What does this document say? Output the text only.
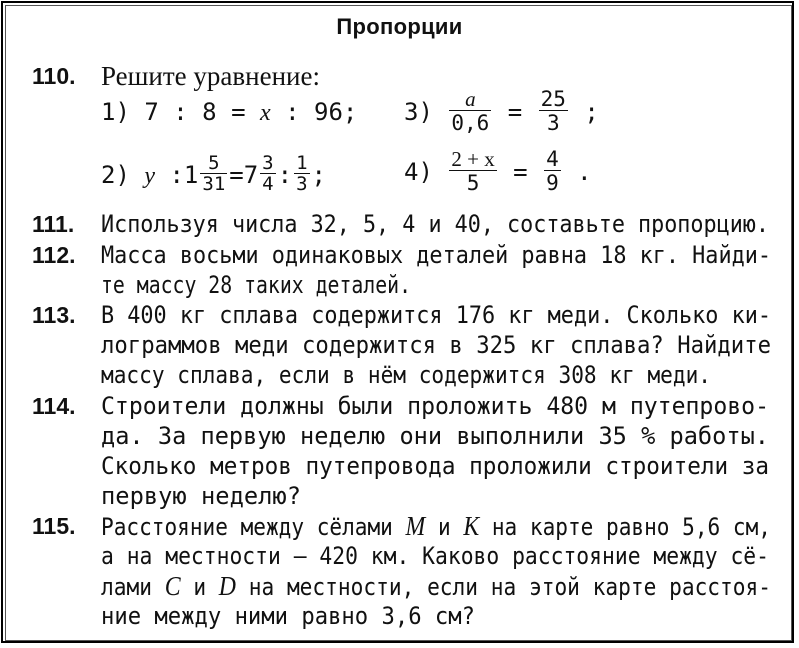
Пропорции
110. Решите уравнение:
1) 7 : 8 = x : 96; $3) \frac{a}{0,6} = \frac{25}{3}$ ;
2) y :1 $\frac{5}{31} =7 \frac{3}{4}$ : $\frac{1}{3}$ ;	$4) \frac{2 + x}{5} = \frac{4}{9}$ .
111. Используя числа 32, 5, 4 и 40, составьте пропорцию.
112. Масса восьми одинаковых деталей равна 18 кг. Найди-
те массу 28 таких деталей.
113. В 400 кг сплава содержится 176 кг меди. Сколько ки-
лограммов меди содержится в 325 кг сплава? Найдите
массу сплава, если в нём содержится 308 кг меди.
114. Строители должны были проложить 480 м путепрово-
да. За первую неделю они выполнили 35 % работы.
Сколько метров путепровода проложили строители за
первую неделю?
115. Расстояние между сёлами M и K на карте равно 5,6 см,
а на местности — 420 км. Каково расстояние между сё-
лами C и D на местности, если на этой карте расстоя-
ние между ними равно 3,6 см?
